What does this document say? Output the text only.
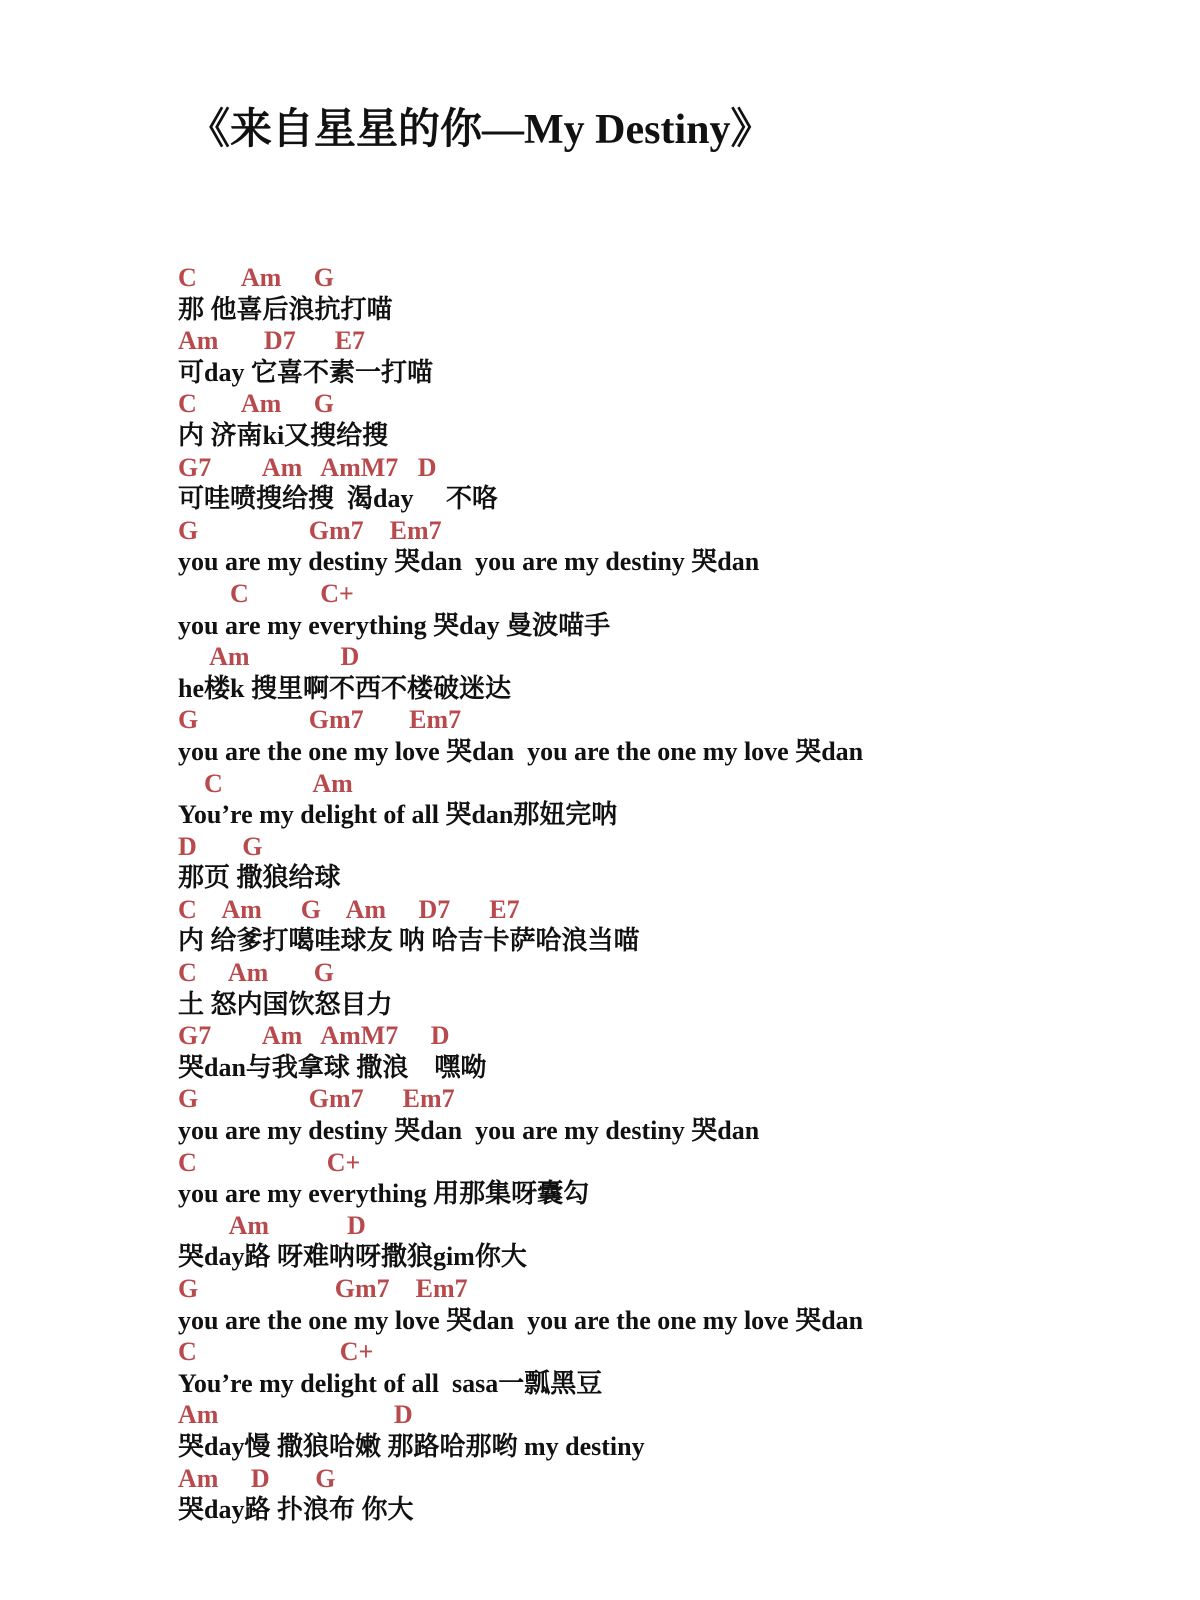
《来自星星的你—My Destiny》
C       Am     G
那 他喜后浪抗打喵
Am       D7      E7
可day 它喜不素一打喵
C       Am     G
内 济南ki又搜给搜
G7        Am   AmM7   D
可哇喷搜给搜  渴day     不咯
G                 Gm7    Em7
you are my destiny 哭dan  you are my destiny 哭dan
C           C+
you are my everything 哭day 曼波喵手
Am              D
he楼k 搜里啊不西不楼破迷达
G                 Gm7       Em7
you are the one my love 哭dan  you are the one my love 哭dan
C              Am
You’re my delight of all 哭dan那妞完呐
D       G
那页 撒狼给球
C    Am      G    Am     D7      E7
内 给爹打噶哇球友 呐 哈吉卡萨哈浪当喵
C     Am       G
土 怒内国饮怒目力
G7        Am   AmM7     D
哭dan与我拿球 撒浪    嘿呦
G                 Gm7      Em7
you are my destiny 哭dan  you are my destiny 哭dan
C                    C+
you are my everything 用那集呀囊勾
Am            D
哭day路 呀难呐呀撒狼gim你大
G                     Gm7    Em7
you are the one my love 哭dan  you are the one my love 哭dan
C                      C+
You’re my delight of all  sasa一瓢黑豆
Am                           D
哭day慢 撒狼哈嫩 那路哈那哟 my destiny
Am     D       G
哭day路 扑浪布 你大
